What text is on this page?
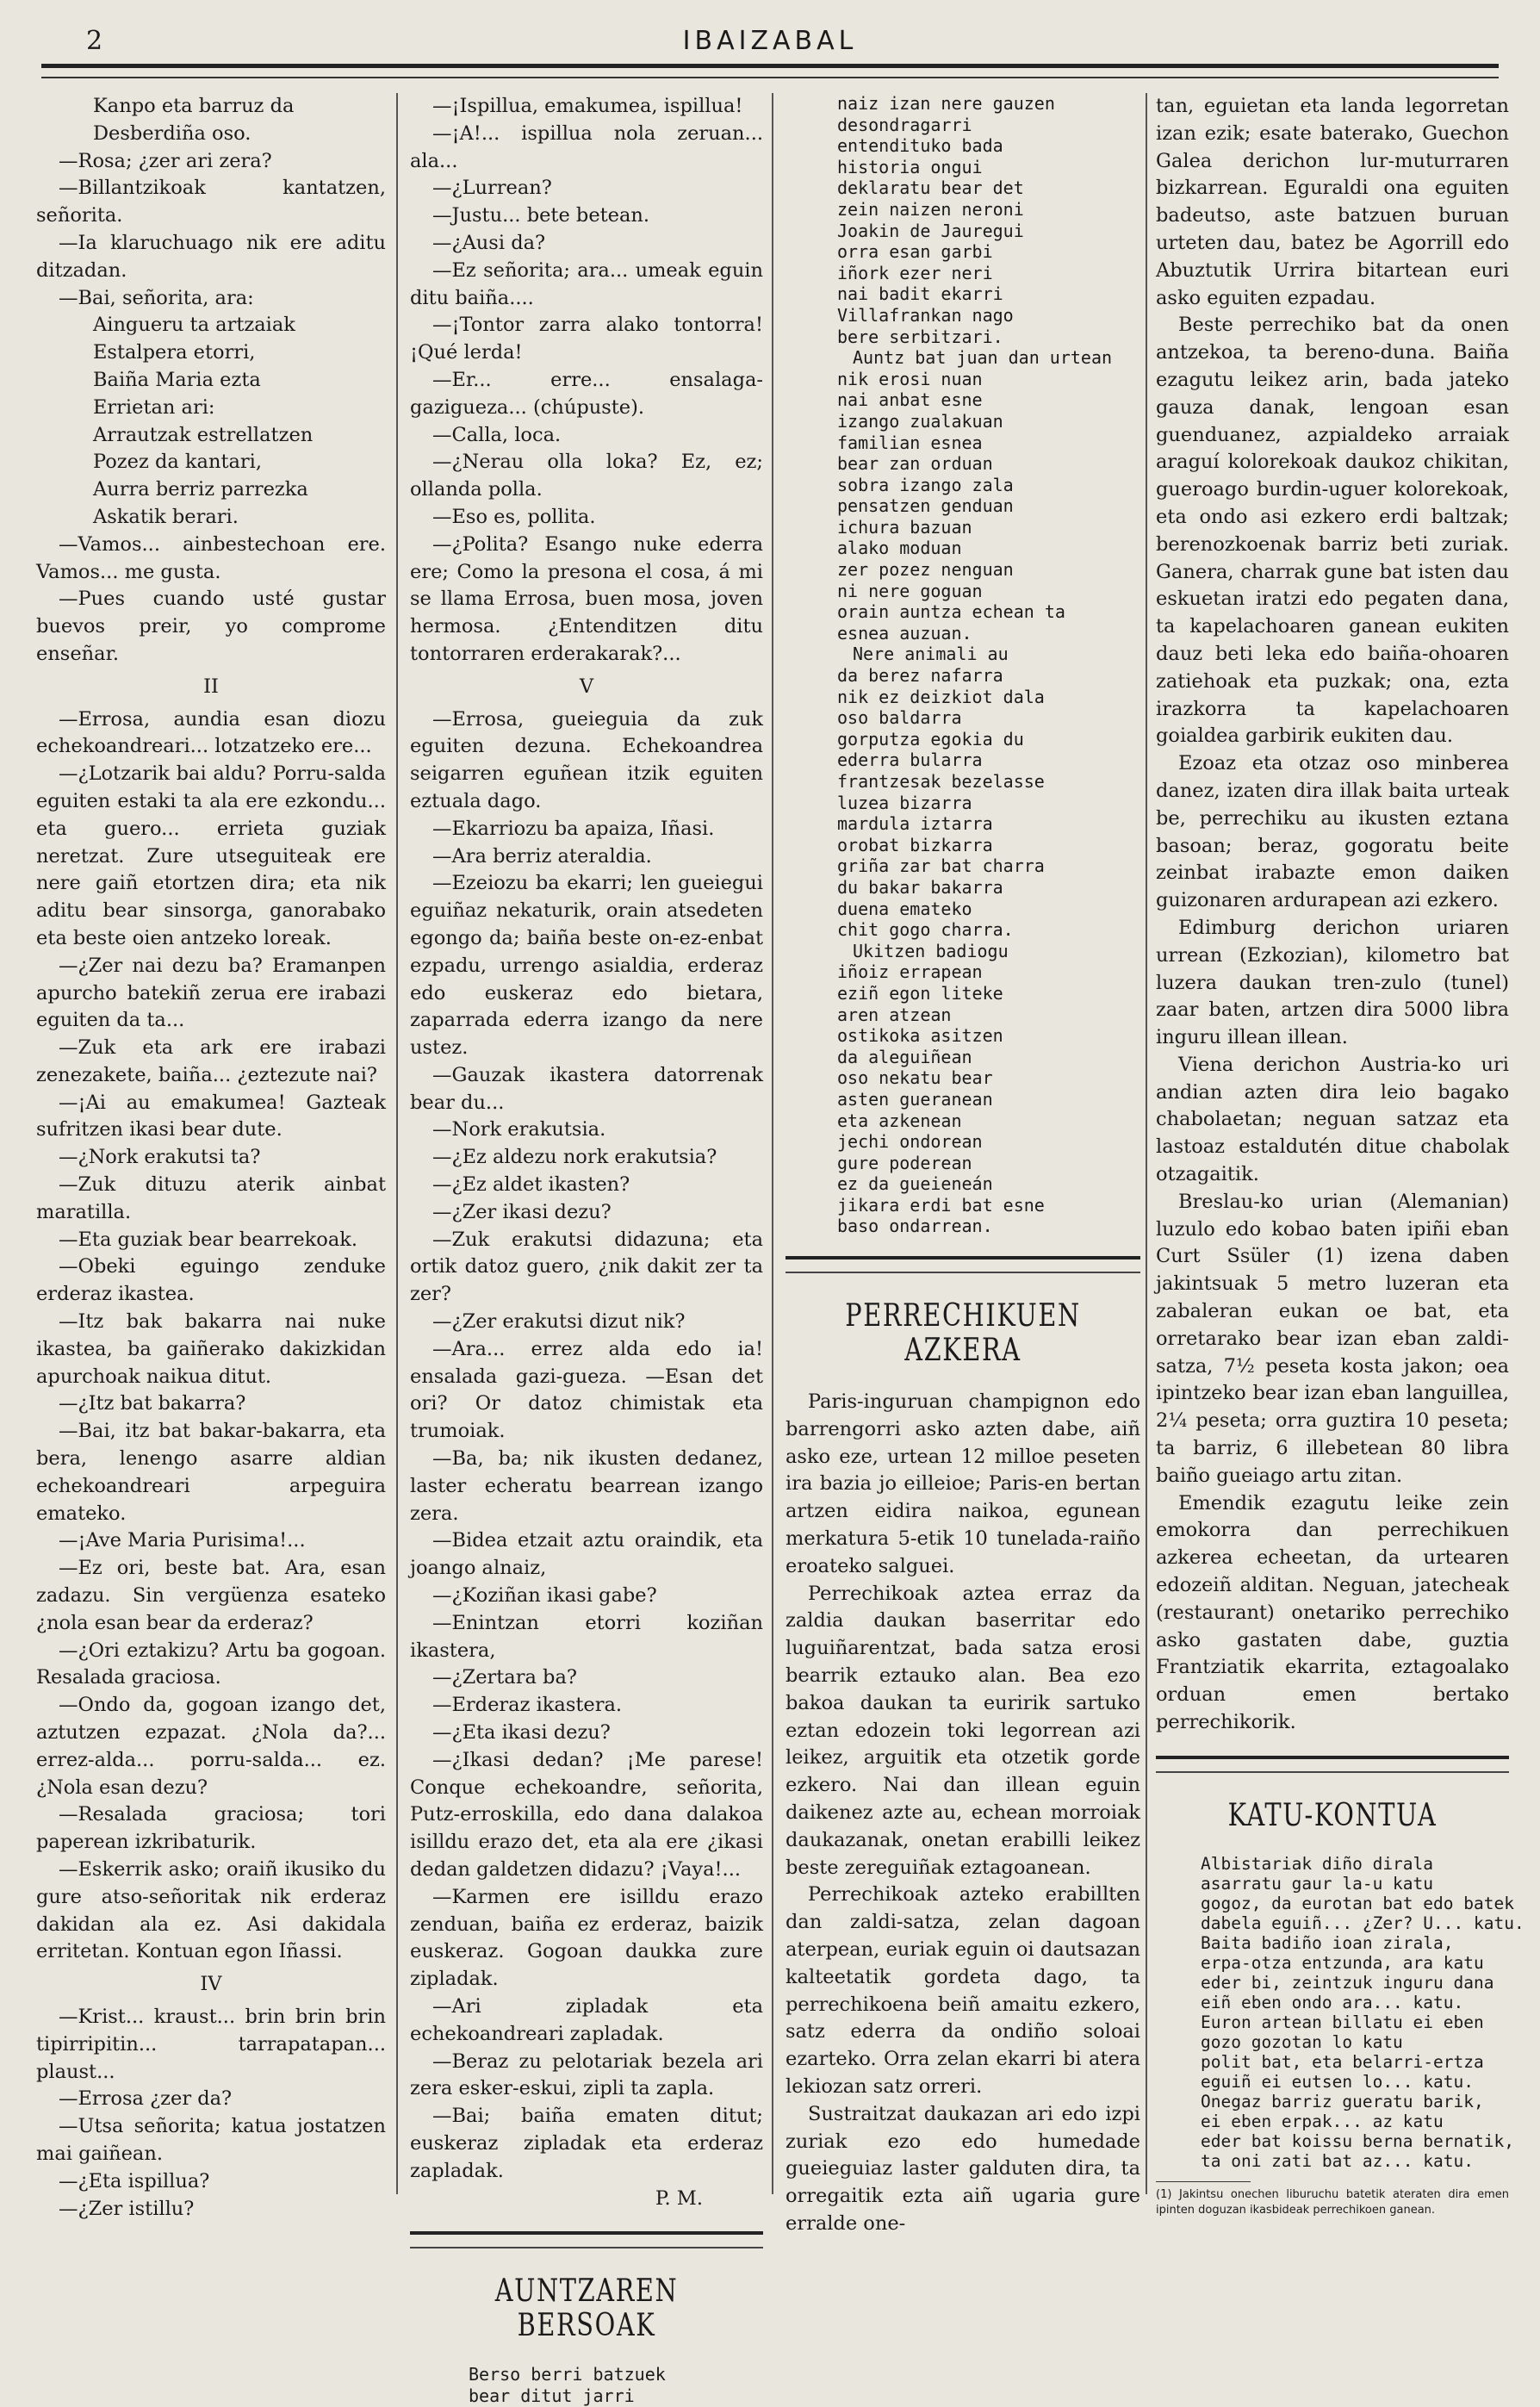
2	IBAIZABAL

Kanpo eta barruz da

Desberdiña oso.

—Rosa; ¿zer ari zera?

—Billantzikoak kantatzen, señorita.

—Ia klaruchuago nik ere aditu ditzadan.

—Bai, señorita, ara:

Aingueru ta artzaiak

Estalpera etorri,

Baiña Maria ezta

Errietan ari:

Arrautzak estrellatzen

Pozez da kantari,

Aurra berriz parrezka

Askatik berari.

—Vamos... ainbestechoan ere. Vamos... me gusta.

—Pues cuando usté gustar buevos preir, yo comprome enseñar.

II

—Errosa, aundia esan diozu echekoandreari... lotzatzeko ere...

—¿Lotzarik bai aldu? Porru-salda eguiten estaki ta ala ere ezkondu... eta guero... errieta guziak neretzat. Zure utseguiteak ere nere gaiñ etortzen dira; eta nik aditu bear sinsorga, ganorabako eta beste oien antzeko loreak.

—¿Zer nai dezu ba? Eramanpen apurcho batekiñ zerua ere irabazi eguiten da ta...

—Zuk eta ark ere irabazi zenezakete, baiña... ¿eztezute nai?

—¡Ai au emakumea! Gazteak sufritzen ikasi bear dute.

—¿Nork erakutsi ta?

—Zuk dituzu aterik ainbat maratilla.

—Eta guziak bear bearrekoak.

—Obeki eguingo zenduke erderaz ikastea.

—Itz bak bakarra nai nuke ikastea, ba gaiñerako dakizkidan apurchoak naikua ditut.

—¿Itz bat bakarra?

—Bai, itz bat bakar-bakarra, eta bera, lenengo asarre aldian echekoandreari arpeguira emateko.

—¡Ave Maria Purisima!...

—Ez ori, beste bat. Ara, esan zadazu. Sin vergüenza esateko ¿nola esan bear da erderaz?

—¿Ori eztakizu? Artu ba gogoan. Resalada graciosa.

—Ondo da, gogoan izango det, aztutzen ezpazat. ¿Nola da?... errez-alda... porru-salda... ez. ¿Nola esan dezu?

—Resalada graciosa; tori paperean izkribaturik.

—Eskerrik asko; oraiñ ikusiko du gure atso-señoritak nik erderaz dakidan ala ez. Asi dakidala erritetan. Kontuan egon Iñassi.

IV

—Krist... kraust... brin brin brin tipirripitin... tarrapatapan... plaust...

—Errosa ¿zer da?

—Utsa señorita; katua jostatzen mai gaiñean.

—¿Eta ispillua?

—¿Zer istillu?

—¡Ispillua, emakumea, ispillua!

—¡A!... ispillua nola zeruan... ala...

—¿Lurrean?

—Justu... bete betean.

—¿Ausi da?

—Ez señorita; ara... umeak eguin ditu baiña....

—¡Tontor zarra alako tontorra! ¡Qué lerda!

—Er... erre... ensalaga-gazigueza... (chúpuste).

—Calla, loca.

—¿Nerau olla loka? Ez, ez; ollanda polla.

—Eso es, pollita.

—¿Polita? Esango nuke ederra ere; Como la presona el cosa, á mi se llama Errosa, buen mosa, joven hermosa. ¿Entenditzen ditu tontorraren erderakarak?...

V

—Errosa, gueieguia da zuk eguiten dezuna. Echekoandrea seigarren eguñean itzik eguiten eztuala dago.

—Ekarriozu ba apaiza, Iñasi.

—Ara berriz ateraldia.

—Ezeiozu ba ekarri; len gueiegui eguiñaz nekaturik, orain atsedeten egongo da; baiña beste on-ez-enbat ezpadu, urrengo asialdia, erderaz edo euskeraz edo bietara, zaparrada ederra izango da nere ustez.

—Gauzak ikastera datorrenak bear du...

—Nork erakutsia.

—¿Ez aldezu nork erakutsia?

—¿Ez aldet ikasten?

—¿Zer ikasi dezu?

—Zuk erakutsi didazuna; eta ortik datoz guero, ¿nik dakit zer ta zer?

—¿Zer erakutsi dizut nik?

—Ara... errez alda edo ia! ensalada gazi-gueza. —Esan det ori? Or datoz chimistak eta trumoiak.

—Ba, ba; nik ikusten dedanez, laster echeratu bearrean izango zera.

—Bidea etzait aztu oraindik, eta joango alnaiz,

—¿Koziñan ikasi gabe?

—Enintzan etorri koziñan ikastera,

—¿Zertara ba?

—Erderaz ikastera.

—¿Eta ikasi dezu?

—¿Ikasi dedan? ¡Me parese! Conque echekoandre, señorita, Putz-erroskilla, edo dana dalakoa isilldu erazo det, eta ala ere ¿ikasi dedan galdetzen didazu? ¡Vaya!...

—Karmen ere isilldu erazo zenduan, baiña ez erderaz, baizik euskeraz. Gogoan daukka zure zipladak.

—Ari zipladak eta echekoandreari zapladak.

—Beraz zu pelotariak bezela ari zera esker-eskui, zipli ta zapla.

—Bai; baiña ematen ditut; euskeraz zipladak eta erderaz zapladak.

P. M.

AUNTZAREN BERSOAK
Berso berri batzuek
bear ditut jarri
naiz izan nere gauzen
desondragarri
entendituko bada
historia ongui
deklaratu bear det
zein naizen neroni
Joakin de Jauregui
orra esan garbi
iñork ezer neri
nai badit ekarri
Villafrankan nago
bere serbitzari.
Auntz bat juan dan urtean
nik erosi nuan
nai anbat esne
izango zualakuan
familian esnea
bear zan orduan
sobra izango zala
pensatzen genduan
ichura bazuan
alako moduan
zer pozez nenguan
ni nere goguan
orain auntza echean ta
esnea auzuan.
Nere animali au
da berez nafarra
nik ez deizkiot dala
oso baldarra
gorputza egokia du
ederra bularra
frantzesak bezelasse
luzea bizarra
mardula iztarra
orobat bizkarra
griña zar bat charra
du bakar bakarra
duena emateko
chit gogo charra.
Ukitzen badiogu
iñoiz errapean
eziñ egon liteke
aren atzean
ostikoka asitzen
da aleguiñean
oso nekatu bear
asten gueranean
eta azkenean
jechi ondorean
gure poderean
ez da gueieneán
jikara erdi bat esne
baso ondarrean.
PERRECHIKUEN AZKERA

Paris-inguruan champignon edo barrengorri asko azten dabe, aiñ asko eze, urtean 12 milloe peseten ira bazia jo eilleioe; Paris-en bertan artzen eidira naikoa, egunean merkatura 5-etik 10 tunelada-raiño eroateko salguei.

Perrechikoak aztea erraz da zaldia daukan baserritar edo luguiñarentzat, bada satza erosi bearrik eztauko alan. Bea ezo bakoa daukan ta euririk sartuko eztan edozein toki legorrean azi leikez, arguitik eta otzetik gorde ezkero. Nai dan illean eguin daikenez azte au, echean morroiak daukazanak, onetan erabilli leikez beste zereguiñak eztagoanean.

Perrechikoak azteko erabillten dan zaldi-satza, zelan dagoan aterpean, euriak eguin oi dautsazan kalteetatik gordeta dago, ta perrechikoena beiñ amaitu ezkero, satz ederra da ondiño soloai ezarteko. Orra zelan ekarri bi atera lekiozan satz orreri.

Sustraitzat daukazan ari edo izpi zuriak ezo edo humedade gueieguiaz laster galduten dira, ta orregaitik ezta aiñ ugaria gure erralde one-

tan, eguietan eta landa legorretan izan ezik; esate baterako, Guechon Galea derichon lur-muturraren bizkarrean. Eguraldi ona eguiten badeutso, aste batzuen buruan urteten dau, batez be Agorrill edo Abuztutik Urrira bitartean euri asko eguiten ezpadau.

Beste perrechiko bat da onen antzekoa, ta bereno-duna. Baiña ezagutu leikez arin, bada jateko gauza danak, lengoan esan guenduanez, azpialdeko arraiak araguí kolorekoak daukoz chikitan, gueroago burdin-uguer kolorekoak, eta ondo asi ezkero erdi baltzak; berenozkoenak barriz beti zuriak. Ganera, charrak gune bat isten dau eskuetan iratzi edo pegaten dana, ta kapelachoaren ganean eukiten dauz beti leka edo baiña-ohoaren zatiehoak eta puzkak; ona, ezta irazkorra ta kapelachoaren goialdea garbirik eukiten dau.

Ezoaz eta otzaz oso minberea danez, izaten dira illak baita urteak be, perrechiku au ikusten eztana basoan; beraz, gogoratu beite zeinbat irabazte emon daiken guizonaren ardurapean azi ezkero.

Edimburg derichon uriaren urrean (Ezkozian), kilometro bat luzera daukan tren-zulo (tunel) zaar baten, artzen dira 5000 libra inguru illean illean.

Viena derichon Austria-ko uri andian azten dira leio bagako chabolaetan; neguan satzaz eta lastoaz estaldutén ditue chabolak otzagaitik.

Breslau-ko urian (Alemanian) luzulo edo kobao baten ipiñi eban Curt Ssüler (1) izena daben jakintsuak 5 metro luzeran eta zabaleran eukan oe bat, eta orretarako bear izan eban zaldi-satza, 7½ peseta kosta jakon; oea ipintzeko bear izan eban languillea, 2¼ peseta; orra guztira 10 peseta; ta barriz, 6 illebetean 80 libra baiño gueiago artu zitan.

Emendik ezagutu leike zein emokorra dan perrechikuen azkerea echeetan, da urtearen edozeiñ alditan. Neguan, jatecheak (restaurant) onetariko perrechiko asko gastaten dabe, guztia Frantziatik ekarrita, eztagoalako orduan emen bertako perrechikorik.

KATU-KONTUA
Albistariak diño dirala
asarratu gaur la-u katu
gogoz, da eurotan bat edo batek
dabela eguiñ... ¿Zer? U... katu.
Baita badiño ioan zirala,
erpa-otza entzunda, ara katu
eder bi, zeintzuk inguru dana
eiñ eben ondo ara... katu.
Euron artean billatu ei eben
gozo gozotan lo katu
polit bat, eta belarri-ertza
eguiñ ei eutsen lo... katu.
Onegaz barriz gueratu barik,
ei eben erpak... az katu
eder bat koissu berna bernatik,
ta oni zati bat az... katu.

(1) Jakintsu onechen liburuchu batetik ateraten dira emen ipinten doguzan ikasbideak perrechikoen ganean.
